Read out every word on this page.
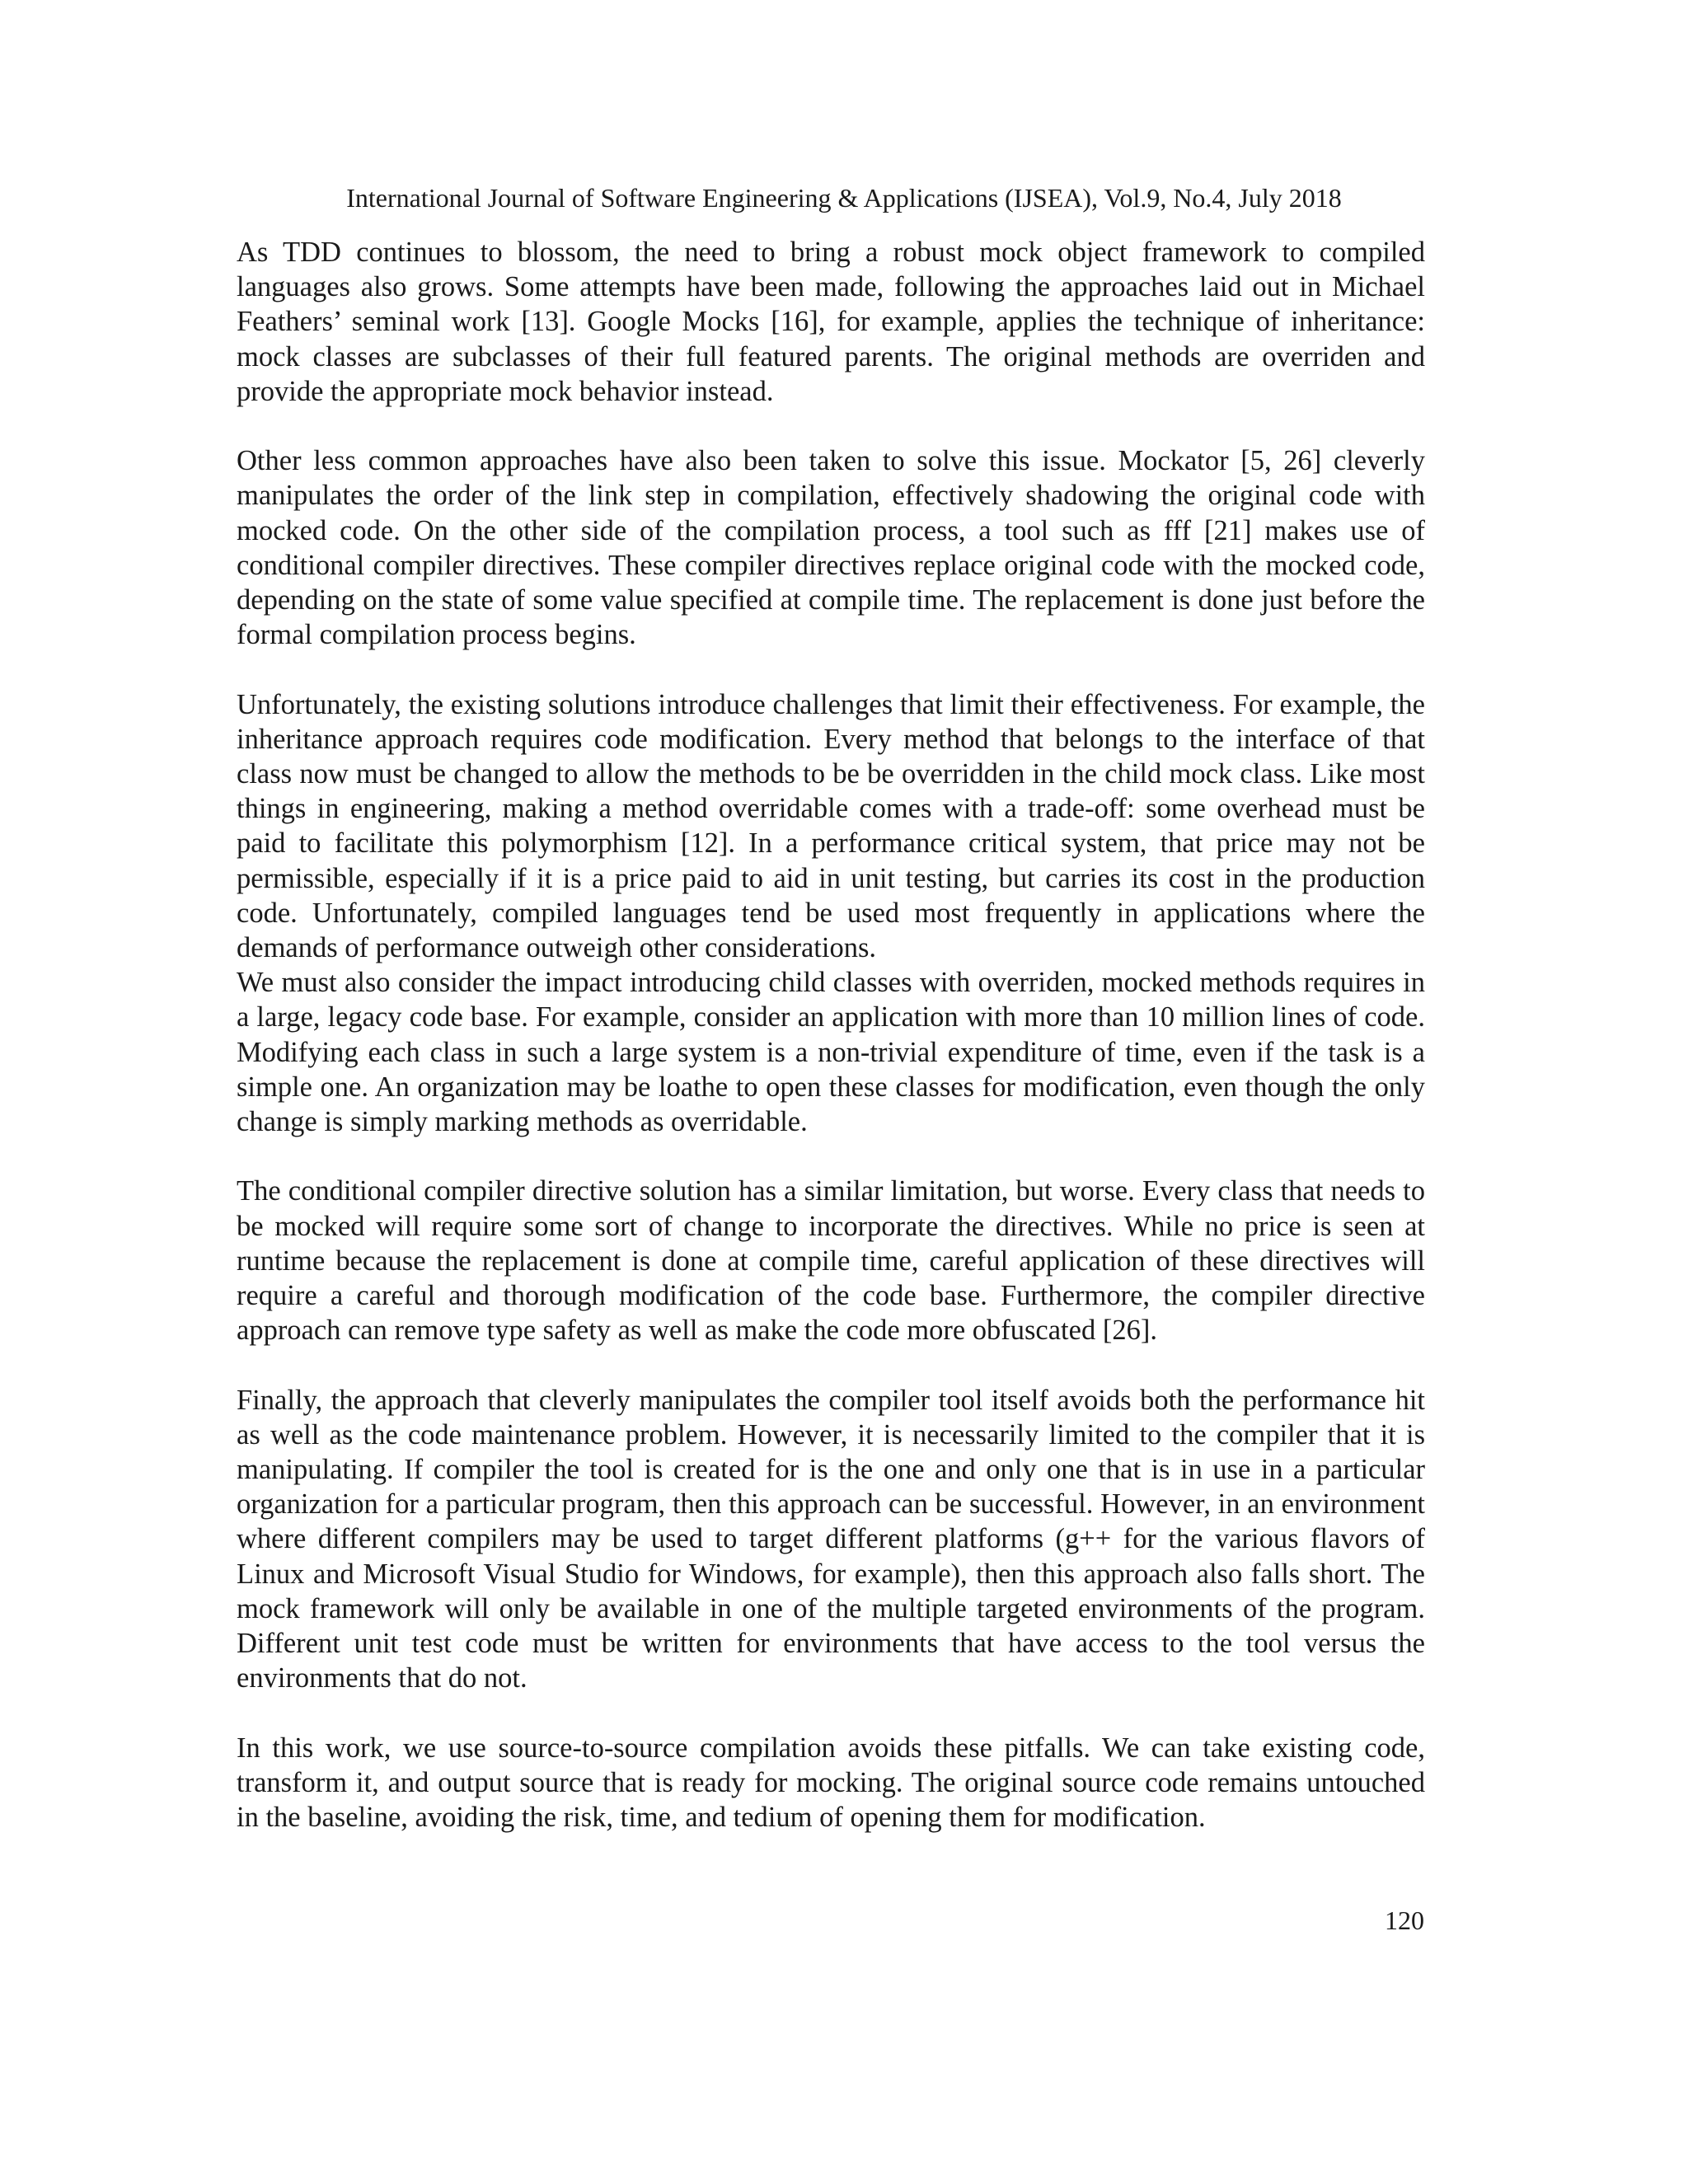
International Journal of Software Engineering & Applications (IJSEA), Vol.9, No.4, July 2018

As TDD continues to blossom, the need to bring a robust mock object framework to compiled languages also grows. Some attempts have been made, following the approaches laid out in Michael Feathers’ seminal work [13]. Google Mocks [16], for example, applies the technique of inheritance: mock classes are subclasses of their full featured parents. The original methods are overriden and provide the appropriate mock behavior instead.

Other less common approaches have also been taken to solve this issue. Mockator [5, 26] cleverly manipulates the order of the link step in compilation, effectively shadowing the original code with mocked code. On the other side of the compilation process, a tool such as fff [21] makes use of conditional compiler directives. These compiler directives replace original code with the mocked code, depending on the state of some value specified at compile time. The replacement is done just before the formal compilation process begins.

Unfortunately, the existing solutions introduce challenges that limit their effectiveness. For example, the inheritance approach requires code modification. Every method that belongs to the interface of that class now must be changed to allow the methods to be be overridden in the child mock class. Like most things in engineering, making a method overridable comes with a trade-off: some overhead must be paid to facilitate this polymorphism [12]. In a performance critical system, that price may not be permissible, especially if it is a price paid to aid in unit testing, but carries its cost in the production code. Unfortunately, compiled languages tend be used most frequently in applications where the demands of performance outweigh other considerations.

We must also consider the impact introducing child classes with overriden, mocked methods requires in a large, legacy code base. For example, consider an application with more than 10 million lines of code. Modifying each class in such a large system is a non-trivial expenditure of time, even if the task is a simple one. An organization may be loathe to open these classes for modification, even though the only change is simply marking methods as overridable.

The conditional compiler directive solution has a similar limitation, but worse. Every class that needs to be mocked will require some sort of change to incorporate the directives. While no price is seen at runtime because the replacement is done at compile time, careful application of these directives will require a careful and thorough modification of the code base. Furthermore, the compiler directive approach can remove type safety as well as make the code more obfuscated [26].

Finally, the approach that cleverly manipulates the compiler tool itself avoids both the performance hit as well as the code maintenance problem. However, it is necessarily limited to the compiler that it is manipulating. If compiler the tool is created for is the one and only one that is in use in a particular organization for a particular program, then this approach can be successful. However, in an environment where different compilers may be used to target different platforms (g++ for the various flavors of Linux and Microsoft Visual Studio for Windows, for example), then this approach also falls short. The mock framework will only be available in one of the multiple targeted environments of the program. Different unit test code must be written for environments that have access to the tool versus the environments that do not.

In this work, we use source-to-source compilation avoids these pitfalls. We can take existing code, transform it, and output source that is ready for mocking. The original source code remains untouched in the baseline, avoiding the risk, time, and tedium of opening them for modification.

120
